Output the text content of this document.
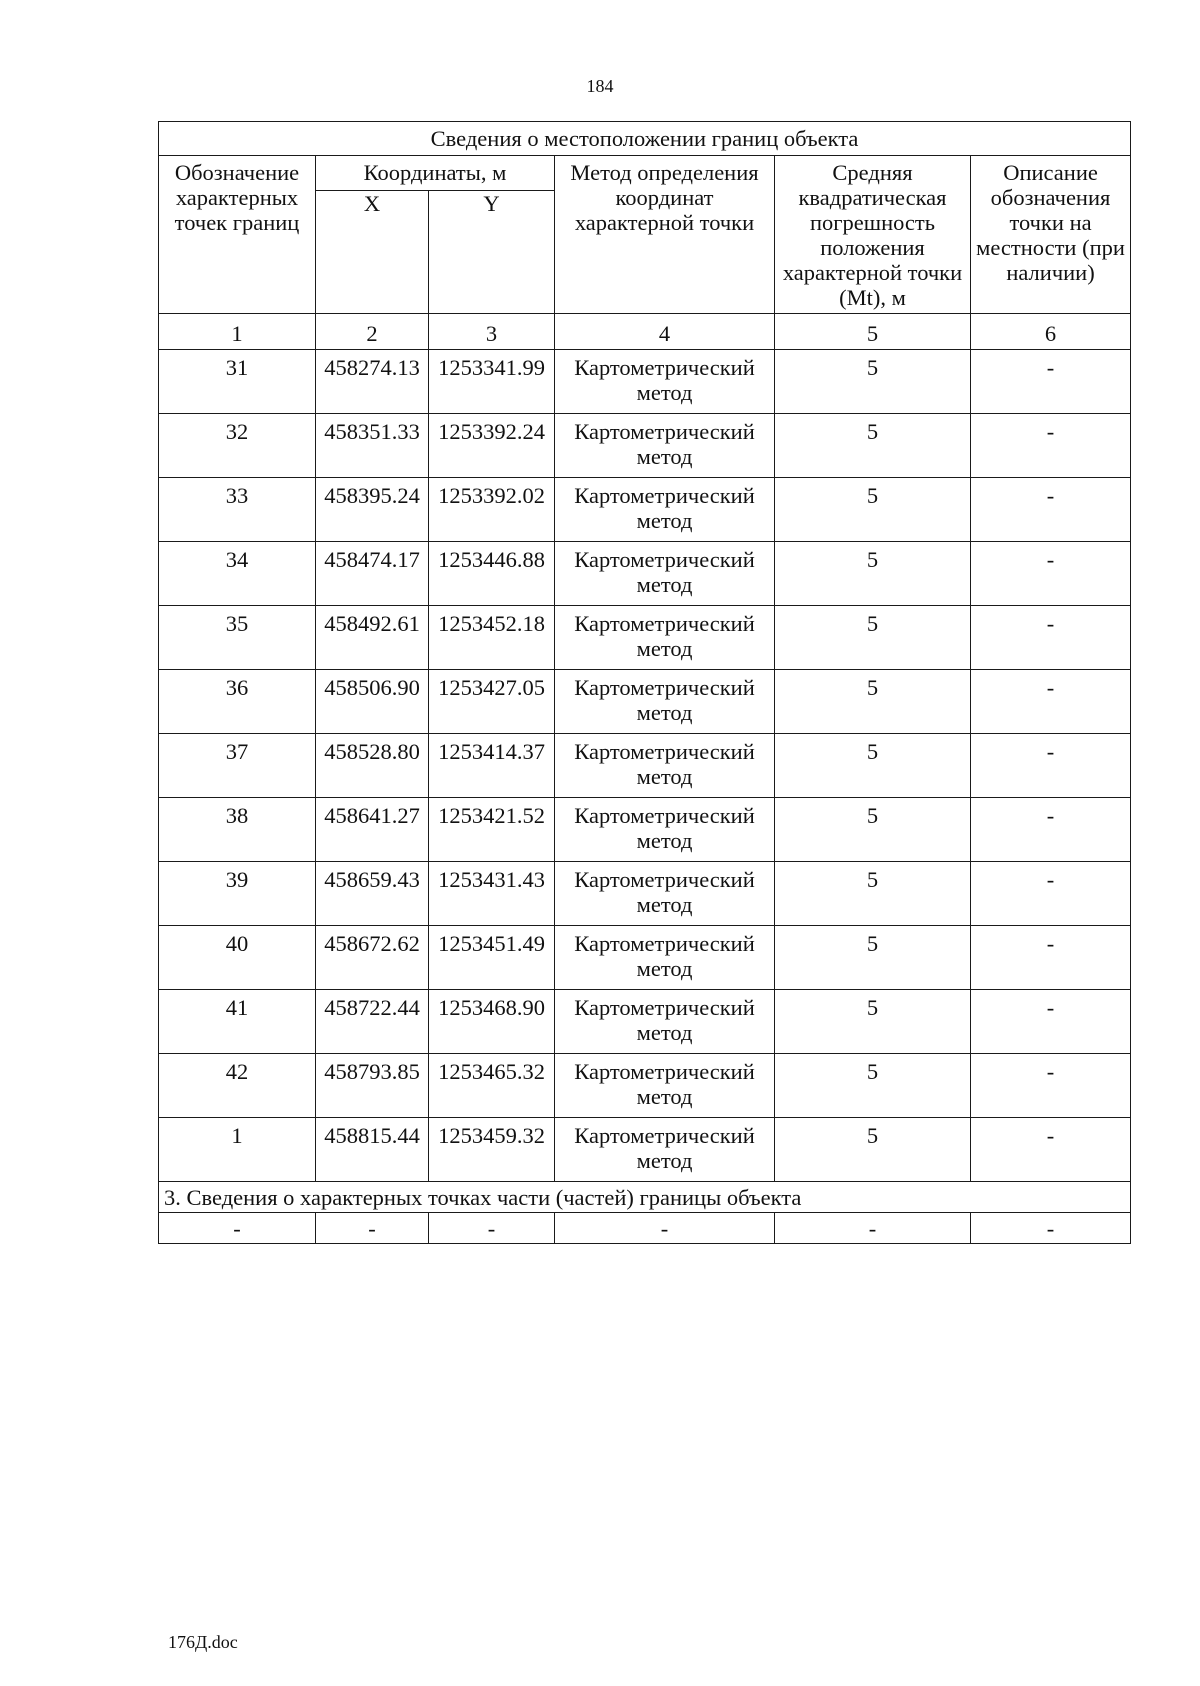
184
Сведения о местоположении границ объекта					
Обозначение характерных точек границ	Координаты, м		Метод определения координат характерной точки	Средняя квадратическая погрешность положения характерной точки (Mt), м	Описание обозначения точки на местности (при наличии)
	X	Y			
1	2	3	4	5	6
31	458274.13	1253341.99	Картометрический метод	5	-
32	458351.33	1253392.24	Картометрический метод	5	-
33	458395.24	1253392.02	Картометрический метод	5	-
34	458474.17	1253446.88	Картометрический метод	5	-
35	458492.61	1253452.18	Картометрический метод	5	-
36	458506.90	1253427.05	Картометрический метод	5	-
37	458528.80	1253414.37	Картометрический метод	5	-
38	458641.27	1253421.52	Картометрический метод	5	-
39	458659.43	1253431.43	Картометрический метод	5	-
40	458672.62	1253451.49	Картометрический метод	5	-
41	458722.44	1253468.90	Картометрический метод	5	-
42	458793.85	1253465.32	Картометрический метод	5	-
1	458815.44	1253459.32	Картометрический метод	5	-
3. Сведения о характерных точках части (частей) границы объекта					
-	-	-	-	-	-
176Д.doc
